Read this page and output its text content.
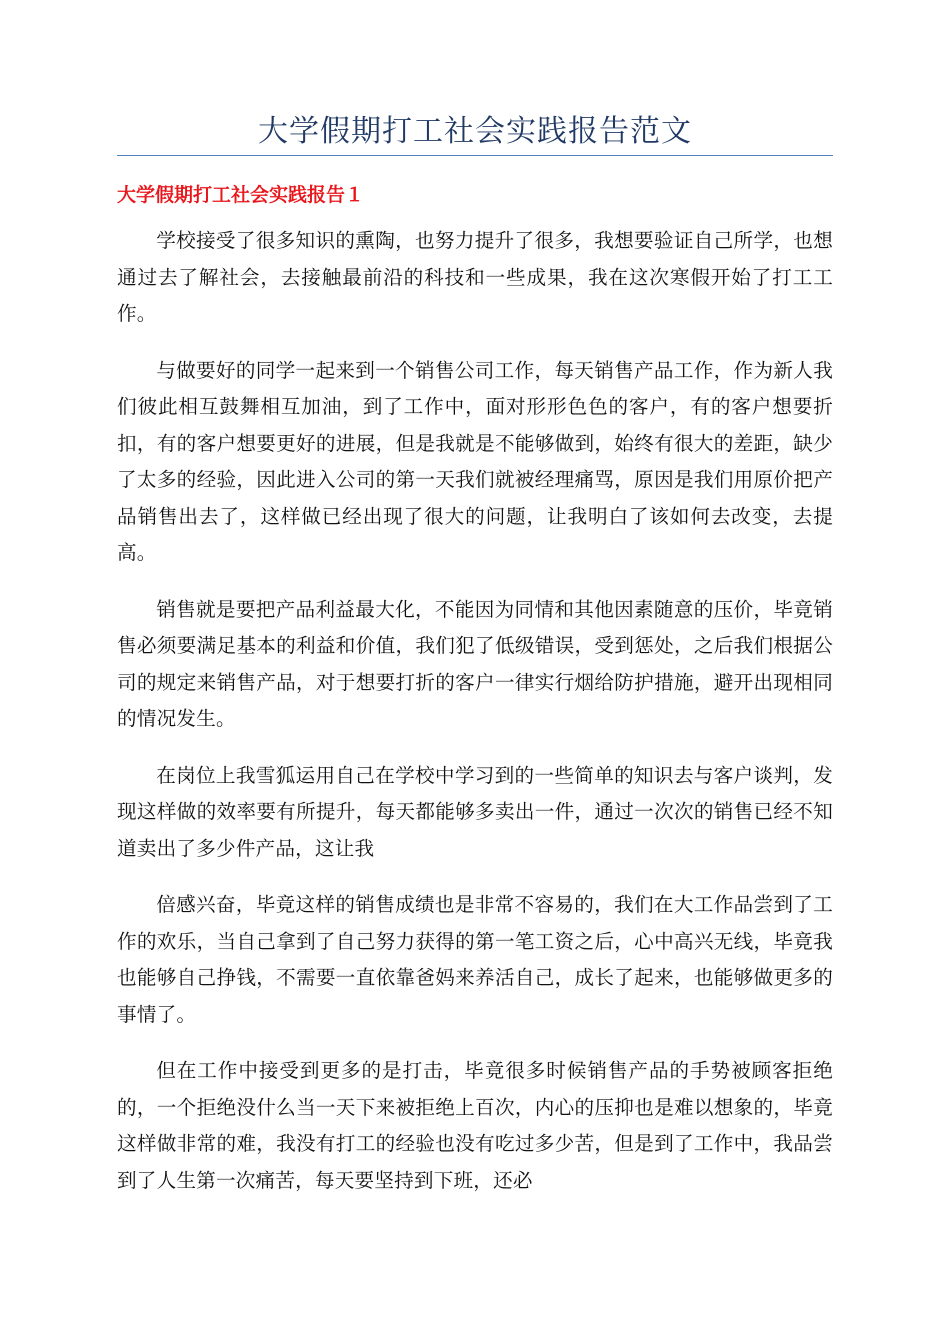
大学假期打工社会实践报告范文
大学假期打工社会实践报告１

学校接受了很多知识的熏陶，也努力提升了很多，我想要验证自己所学，也想通过去了解社会，去接触最前沿的科技和一些成果，我在这次寒假开始了打工工作。

与做要好的同学一起来到一个销售公司工作，每天销售产品工作，作为新人我们彼此相互鼓舞相互加油，到了工作中，面对形形色色的客户，有的客户想要折扣，有的客户想要更好的进展，但是我就是不能够做到，始终有很大的差距，缺少了太多的经验，因此进入公司的第一天我们就被经理痛骂，原因是我们用原价把产品销售出去了，这样做已经出现了很大的问题，让我明白了该如何去改变，去提高。

销售就是要把产品利益最大化，不能因为同情和其他因素随意的压价，毕竟销售必须要满足基本的利益和价值，我们犯了低级错误，受到惩处，之后我们根据公司的规定来销售产品，对于想要打折的客户一律实行烟给防护措施，避开出现相同的情况发生。

在岗位上我雪狐运用自己在学校中学习到的一些简单的知识去与客户谈判，发现这样做的效率要有所提升，每天都能够多卖出一件，通过一次次的销售已经不知道卖出了多少件产品，这让我

倍感兴奋，毕竟这样的销售成绩也是非常不容易的，我们在大工作品尝到了工作的欢乐，当自己拿到了自己努力获得的第一笔工资之后，心中高兴无线，毕竟我也能够自己挣钱，不需要一直依靠爸妈来养活自己，成长了起来，也能够做更多的事情了。

但在工作中接受到更多的是打击，毕竟很多时候销售产品的手势被顾客拒绝的，一个拒绝没什么当一天下来被拒绝上百次，内心的压抑也是难以想象的，毕竟这样做非常的难，我没有打工的经验也没有吃过多少苦，但是到了工作中，我品尝到了人生第一次痛苦，每天要坚持到下班，还必
